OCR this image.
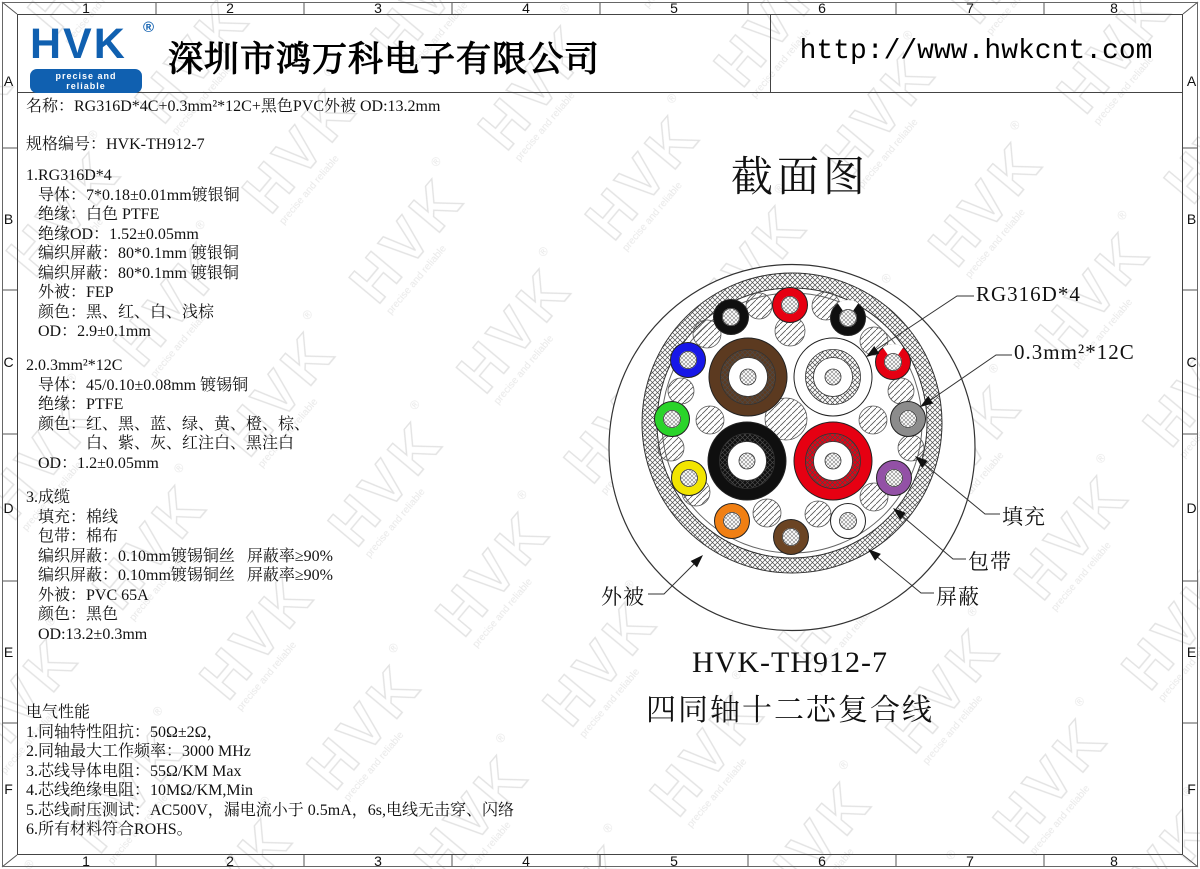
1
1
2
2
3
3
4
4
5
5
6
6
7
7
8
8
A	A
B	B
C	C
D	D
E	E
F	F
HVK	®
precise and reliable
深圳市鸿万科电子有限公司	http://www.hwkcnt.com
名称：RG316D*4C+0.3mm²*12C+黑色PVC外被 OD:13.2mm
规格编号：HVK-TH912-7
1.RG316D*4
导体：7*0.18±0.01mm镀银铜
绝缘：白色 PTFE
绝缘OD：1.52±0.05mm
编织屏蔽：80*0.1mm 镀银铜
编织屏蔽：80*0.1mm 镀银铜
外被：FEP
颜色：黑、红、白、浅棕
OD：2.9±0.1mm
2.0.3mm²*12C
导体：45/0.10±0.08mm 镀锡铜
绝缘：PTFE
颜色：红、黑、蓝、绿、黄、橙、棕、
　　　   白、紫、灰、红注白、黑注白
OD：1.2±0.05mm
3.成缆
填充：棉线
包带：棉布
编织屏蔽：0.10mm镀锡铜丝   屏蔽率≥90%
编织屏蔽：0.10mm镀锡铜丝   屏蔽率≥90%
外被：PVC 65A
颜色：黑色
OD:13.2±0.3mm
电气性能
1.同轴特性阻抗：50Ω±2Ω，
2.同轴最大工作频率：3000 MHz
3.芯线导体电阻：55Ω/KM Max
4.芯线绝缘电阻：10MΩ/KM,Min
5.芯线耐压测试：AC500V，漏电流小于 0.5mA，6s,电线无击穿、闪络
6.所有材料符合ROHS。
截面图
RG316D*4
0.3mm²*12C
填充
包带
屏蔽
外被
HVK-TH912-7
四同轴十二芯复合线
